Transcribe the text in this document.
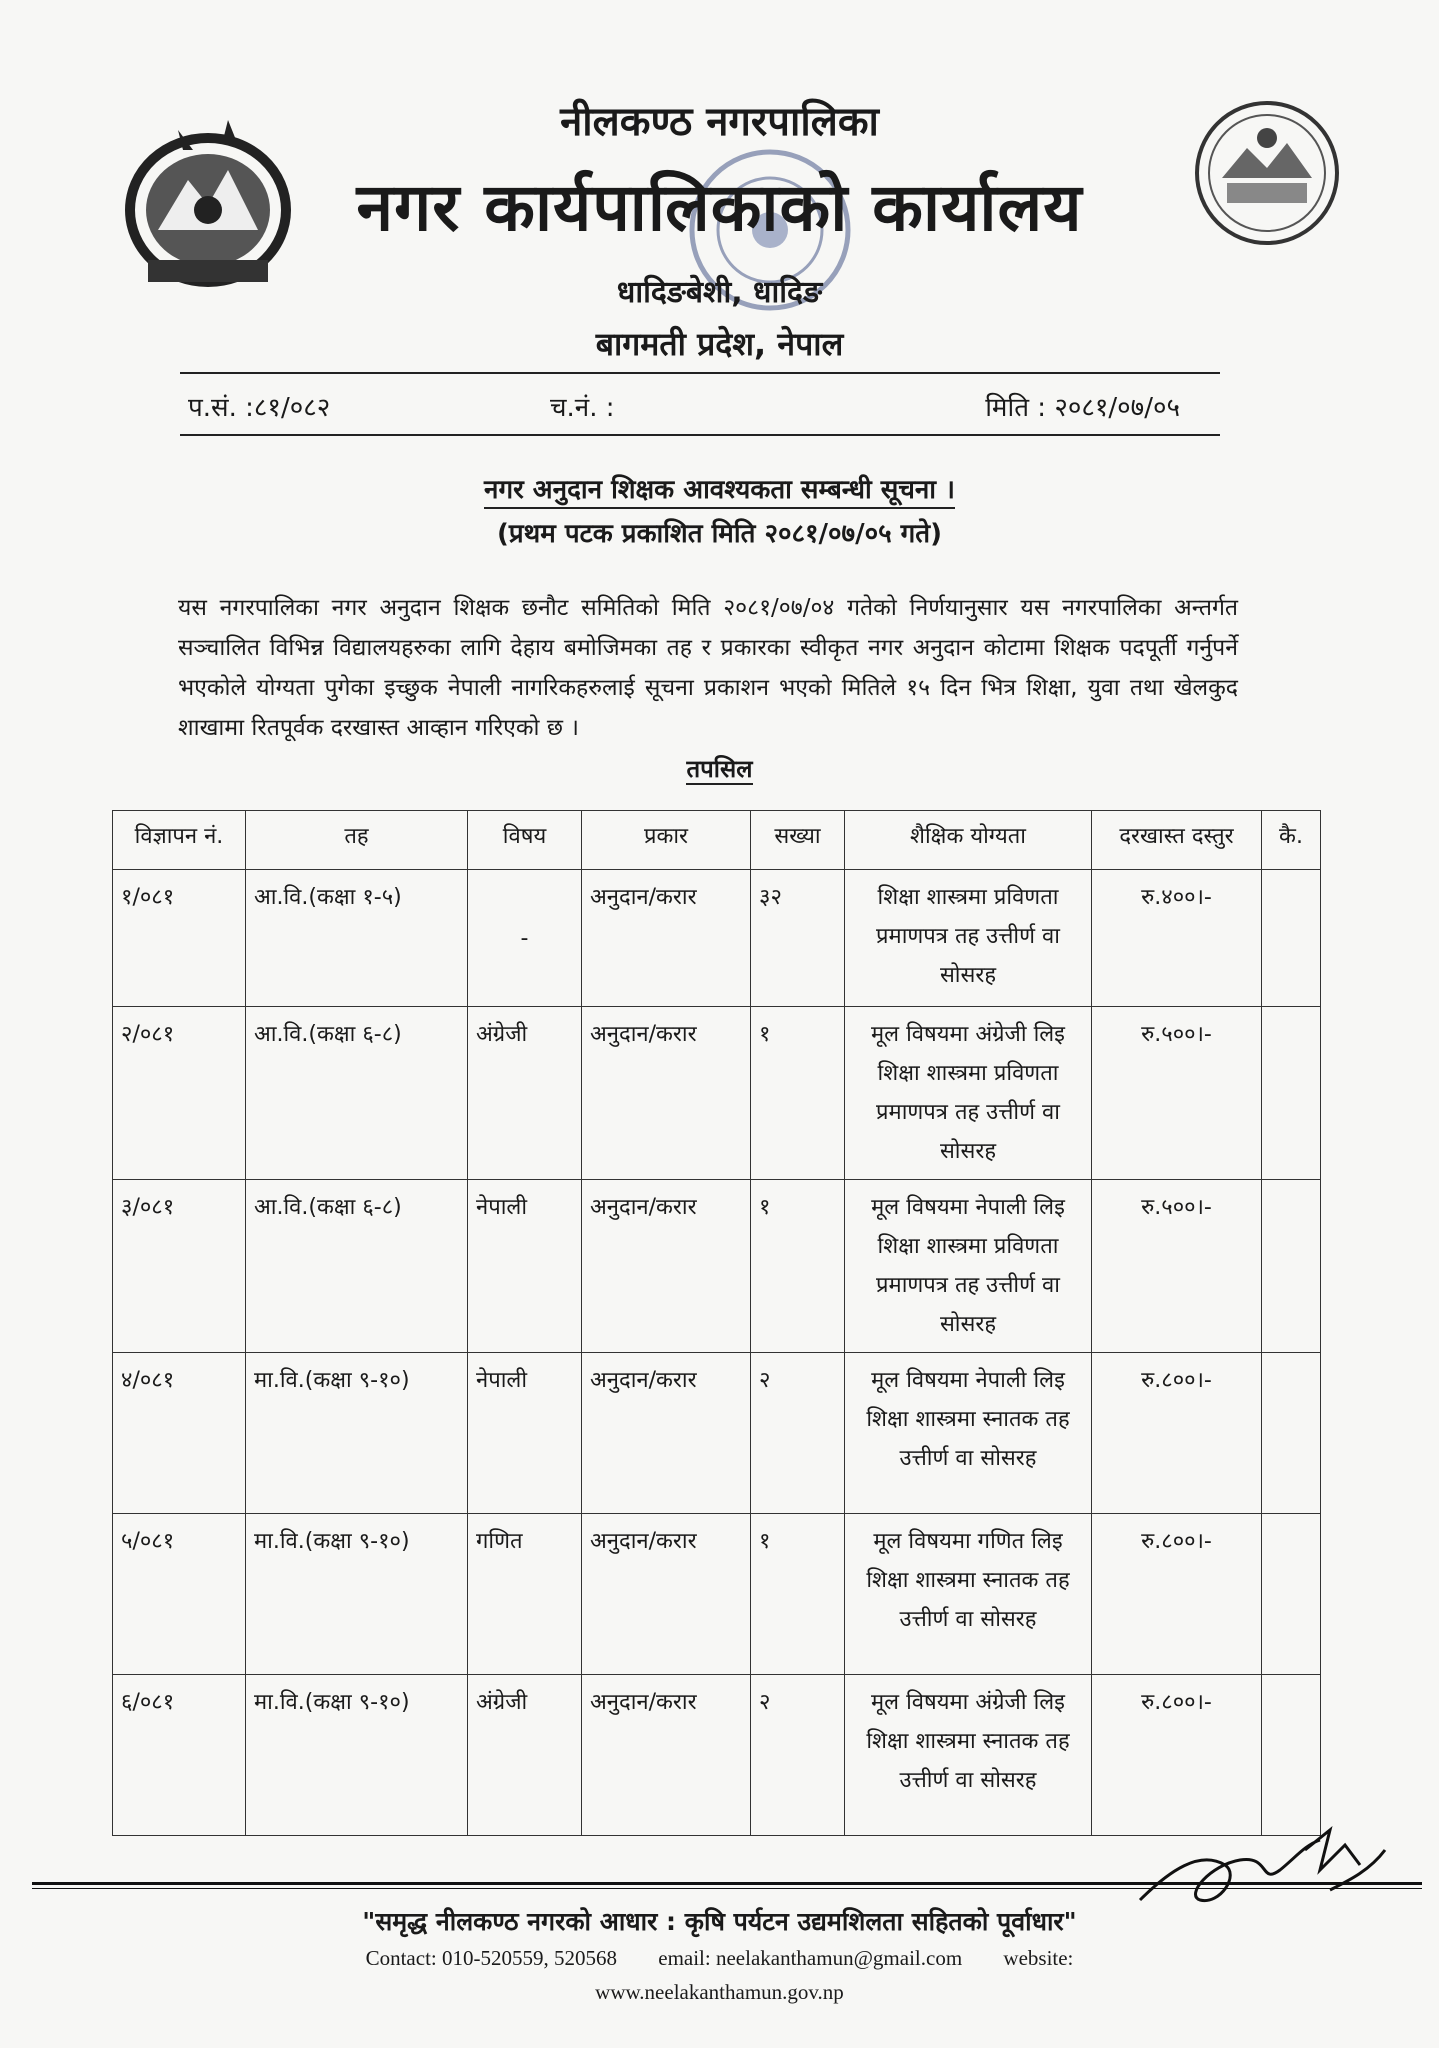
नीलकण्ठ नगरपालिका
नगर कार्यपालिकाको कार्यालय
धादिङबेशी, धादिङ
बागमती प्रदेश, नेपाल
प.सं. :८१/०८२	च.नं. :	मिति : २०८१/०७/०५
नगर अनुदान शिक्षक आवश्यकता सम्बन्धी सूचना ।
(प्रथम पटक प्रकाशित मिति २०८१/०७/०५ गते)
यस नगरपालिका नगर अनुदान शिक्षक छनौट समितिको मिति २०८१/०७/०४ गतेको निर्णयानुसार यस नगरपालिका अन्तर्गत सञ्चालित विभिन्न विद्यालयहरुका लागि देहाय बमोजिमका तह र प्रकारका स्वीकृत नगर अनुदान कोटामा शिक्षक पदपूर्ती गर्नुपर्ने भएकोले योग्यता पुगेका इच्छुक नेपाली नागरिकहरुलाई सूचना प्रकाशन भएको मितिले १५ दिन भित्र शिक्षा, युवा तथा खेलकुद शाखामा रितपूर्वक दरखास्त आव्हान गरिएको छ ।
तपसिल
विज्ञापन नं.	तह	विषय	प्रकार	सख्या	शैक्षिक योग्यता	दरखास्त दस्तुर	कै.
१/०८१	आ.वि.(कक्षा १-५)	-	अनुदान/करार	३२	शिक्षा शास्त्रमा प्रविणता प्रमाणपत्र तह उत्तीर्ण वा सोसरह	रु.४००।-	
२/०८१	आ.वि.(कक्षा ६-८)	अंग्रेजी	अनुदान/करार	१	मूल विषयमा अंग्रेजी लिइ शिक्षा शास्त्रमा प्रविणता प्रमाणपत्र तह उत्तीर्ण वा सोसरह	रु.५००।-	
३/०८१	आ.वि.(कक्षा ६-८)	नेपाली	अनुदान/करार	१	मूल विषयमा नेपाली लिइ शिक्षा शास्त्रमा प्रविणता प्रमाणपत्र तह उत्तीर्ण वा सोसरह	रु.५००।-	
४/०८१	मा.वि.(कक्षा ९-१०)	नेपाली	अनुदान/करार	२	मूल विषयमा नेपाली लिइ शिक्षा शास्त्रमा स्नातक तह उत्तीर्ण वा सोसरह	रु.८००।-	
५/०८१	मा.वि.(कक्षा ९-१०)	गणित	अनुदान/करार	१	मूल विषयमा गणित लिइ शिक्षा शास्त्रमा स्नातक तह उत्तीर्ण वा सोसरह	रु.८००।-	
६/०८१	मा.वि.(कक्षा ९-१०)	अंग्रेजी	अनुदान/करार	२	मूल विषयमा अंग्रेजी लिइ शिक्षा शास्त्रमा स्नातक तह उत्तीर्ण वा सोसरह	रु.८००।-	
"समृद्ध नीलकण्ठ नगरको आधार : कृषि पर्यटन उद्यमशिलता सहितको पूर्वाधार"
Contact: 010-520559, 520568 email: neelakanthamun@gmail.com website:
www.neelakanthamun.gov.np
